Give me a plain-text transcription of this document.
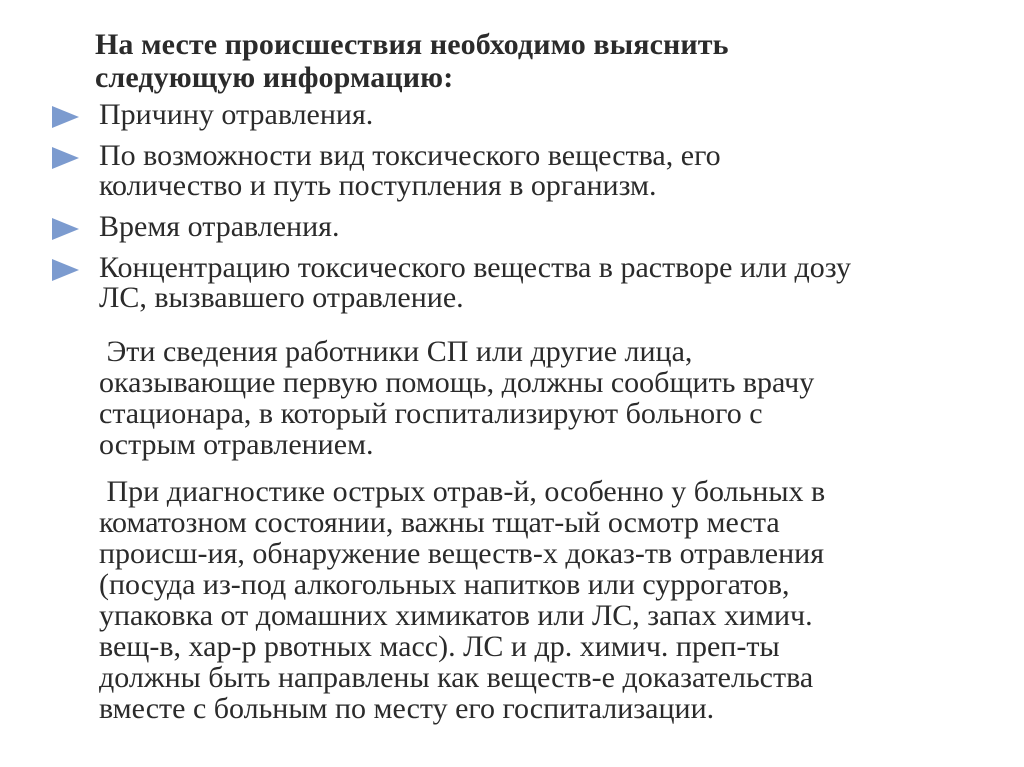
На месте происшествия необходимо выяснить
следующую информацию:
Причину отравления.
По возможности вид токсического вещества, его
количество и путь поступления в организм.
Время отравления.
Концентрацию токсического вещества в растворе или дозу
ЛС, вызвавшего отравление.
Эти сведения работники СП или другие лица,
оказывающие первую помощь, должны сообщить врачу
стационара, в который госпитализируют больного с
острым отравлением.
При диагностике острых отрав-й, особенно у больных в
коматозном состоянии, важны тщат-ый осмотр места
происш-ия, обнаружение веществ-х доказ-тв отравления
(посуда из-под алкогольных напитков или суррогатов,
упаковка от домашних химикатов или ЛС, запах химич.
вещ-в, хар-р рвотных масс). ЛС и др. химич. преп-ты
должны быть направлены как веществ-е доказательства
вместе с больным по месту его госпитализации.
